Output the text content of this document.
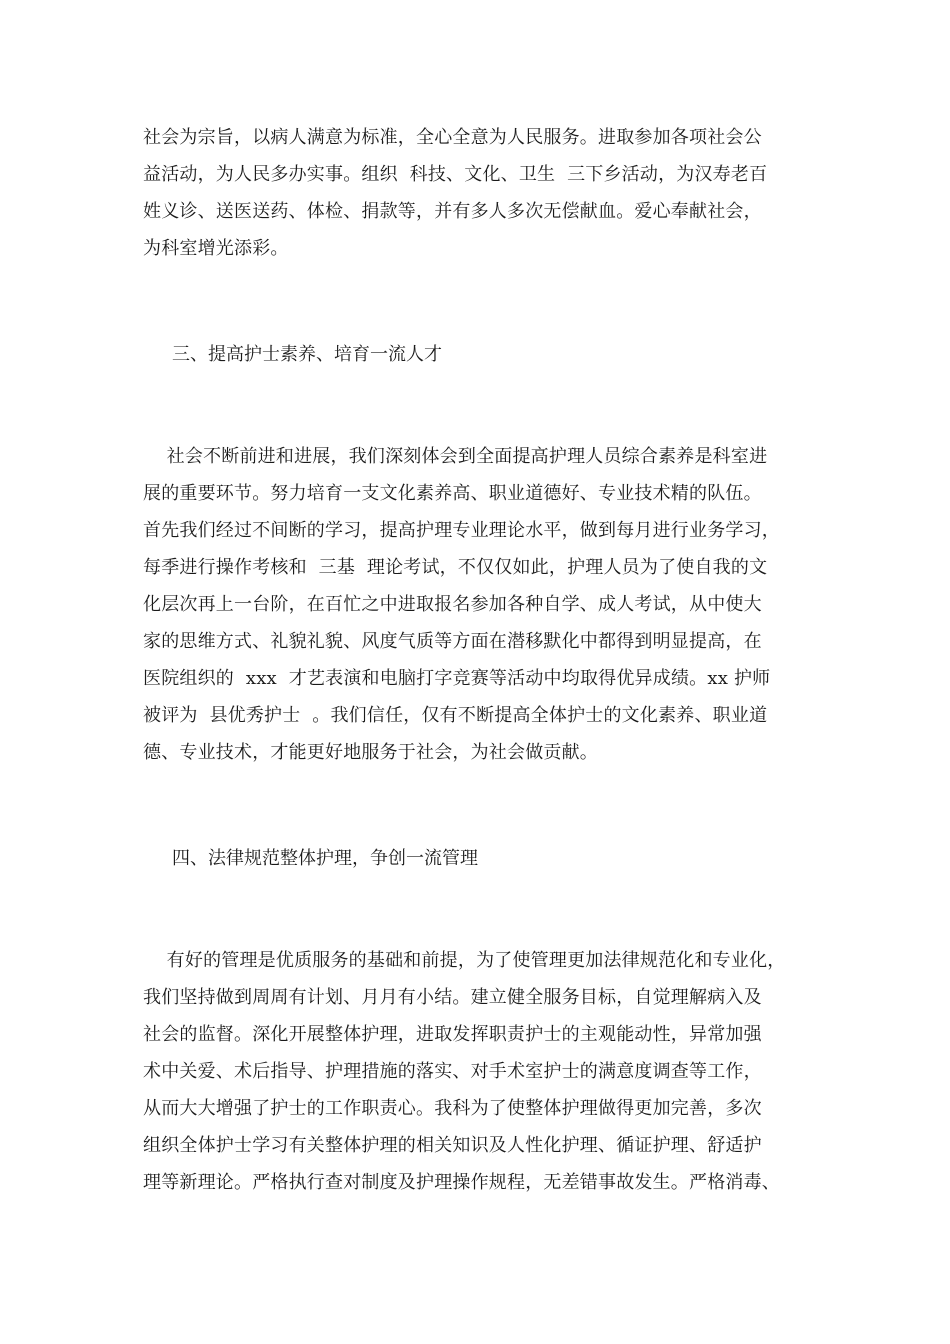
社会为宗旨，以病人满意为标准，全心全意为人民服务。进取参加各项社会公
益活动，为人民多办实事。组织  科技、文化、卫生  三下乡活动，为汉寿老百
姓义诊、送医送药、体检、捐款等，并有多人多次无偿献血。爱心奉献社会，
为科室增光添彩。
三、提高护士素养、培育一流人才
社会不断前进和进展，我们深刻体会到全面提高护理人员综合素养是科室进
展的重要环节。努力培育一支文化素养高、职业道德好、专业技术精的队伍。
首先我们经过不间断的学习，提高护理专业理论水平，做到每月进行业务学习，
每季进行操作考核和  三基  理论考试，不仅仅如此，护理人员为了使自我的文
化层次再上一台阶，在百忙之中进取报名参加各种自学、成人考试，从中使大
家的思维方式、礼貌礼貌、风度气质等方面在潜移默化中都得到明显提高，在
医院组织的  xxx  才艺表演和电脑打字竞赛等活动中均取得优异成绩。xx 护师
被评为  县优秀护士  。我们信任，仅有不断提高全体护士的文化素养、职业道
德、专业技术，才能更好地服务于社会，为社会做贡献。
四、法律规范整体护理，争创一流管理
有好的管理是优质服务的基础和前提，为了使管理更加法律规范化和专业化，
我们坚持做到周周有计划、月月有小结。建立健全服务目标，自觉理解病入及
社会的监督。深化开展整体护理，进取发挥职责护士的主观能动性，异常加强
术中关爱、术后指导、护理措施的落实、对手术室护士的满意度调查等工作，
从而大大增强了护士的工作职责心。我科为了使整体护理做得更加完善，多次
组织全体护士学习有关整体护理的相关知识及人性化护理、循证护理、舒适护
理等新理论。严格执行查对制度及护理操作规程，无差错事故发生。严格消毒、
